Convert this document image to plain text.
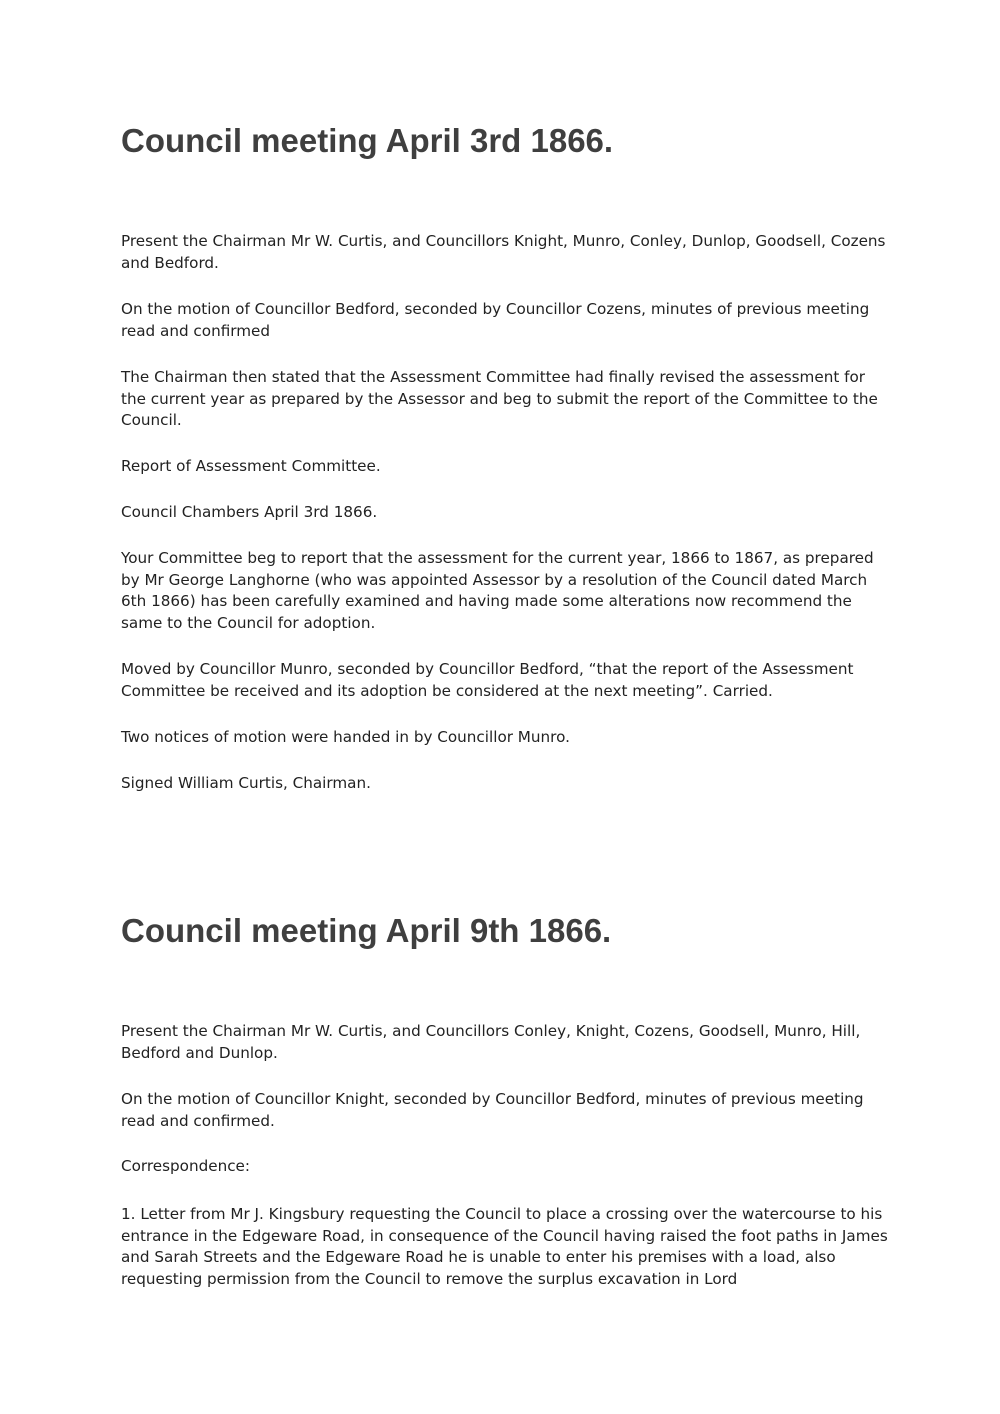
Council meeting April 3rd 1866.

Present the Chairman Mr W. Curtis, and Councillors Knight, Munro, Conley, Dunlop, Goodsell, Cozens and Bedford.

On the motion of Councillor Bedford, seconded by Councillor Cozens, minutes of previous meeting read and confirmed

The Chairman then stated that the Assessment Committee had finally revised the assessment for the current year as prepared by the Assessor and beg to submit the report of the Committee to the Council.

Report of Assessment Committee.

Council Chambers April 3rd 1866.

Your Committee beg to report that the assessment for the current year, 1866 to 1867, as prepared by Mr George Langhorne (who was appointed Assessor by a resolution of the Council dated March 6th 1866) has been carefully examined and having made some alterations now recommend the same to the Council for adoption.

Moved by Councillor Munro, seconded by Councillor Bedford, “that the report of the Assessment Committee be received and its adoption be considered at the next meeting”. Carried.

Two notices of motion were handed in by Councillor Munro.

Signed William Curtis, Chairman.

Council meeting April 9th 1866.

Present the Chairman Mr W. Curtis, and Councillors Conley, Knight, Cozens, Goodsell, Munro, Hill, Bedford and Dunlop.

On the motion of Councillor Knight, seconded by Councillor Bedford, minutes of previous meeting read and confirmed.

Correspondence:

1. Letter from Mr J. Kingsbury requesting the Council to place a crossing over the watercourse to his entrance in the Edgeware Road, in consequence of the Council having raised the foot paths in James and Sarah Streets and the Edgeware Road he is unable to enter his premises with a load, also requesting permission from the Council to remove the surplus excavation in Lord
